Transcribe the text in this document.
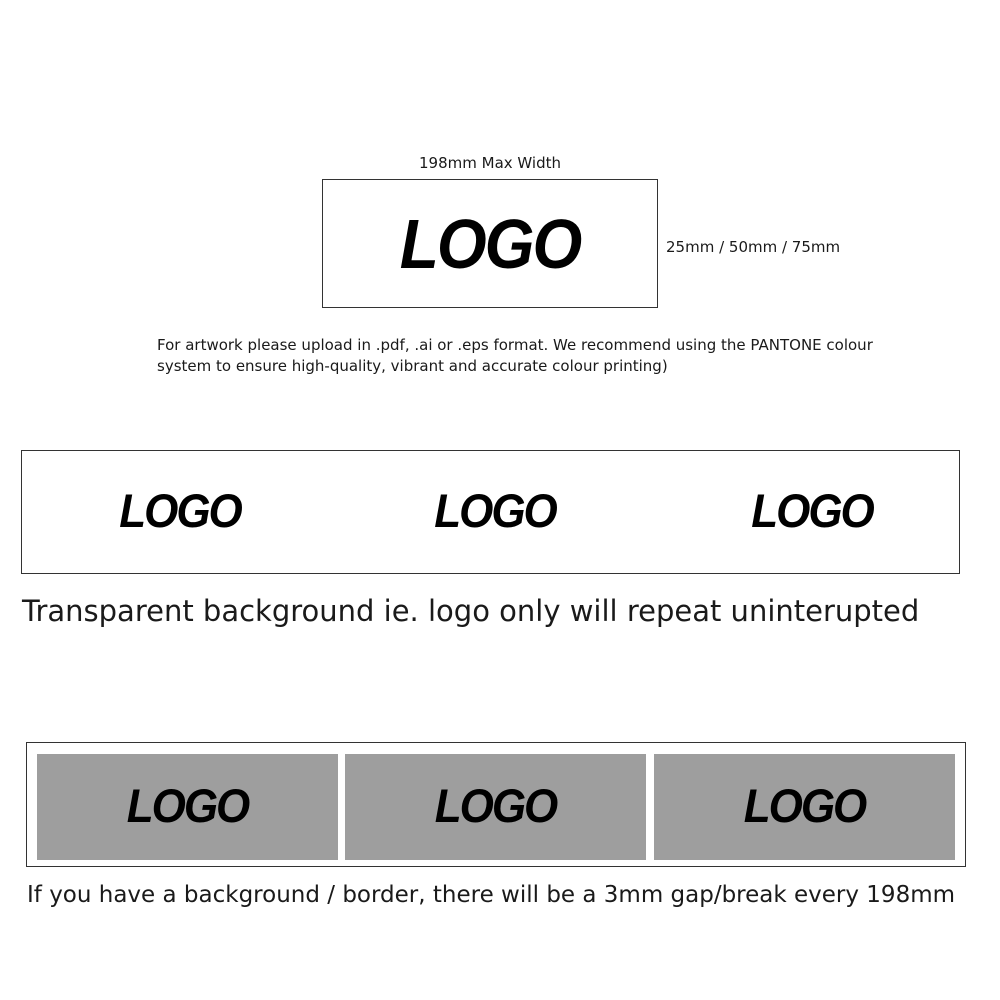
198mm Max Width
LOGO	25mm / 50mm / 75mm
For artwork please upload in .pdf, .ai or .eps format. We recommend using the PANTONE colour system to ensure high-quality, vibrant and accurate colour printing)
LOGO	LOGO	LOGO
Transparent background ie. logo only will repeat uninterupted
LOGO	LOGO	LOGO
If you have a background / border, there will be a 3mm gap/break every 198mm
